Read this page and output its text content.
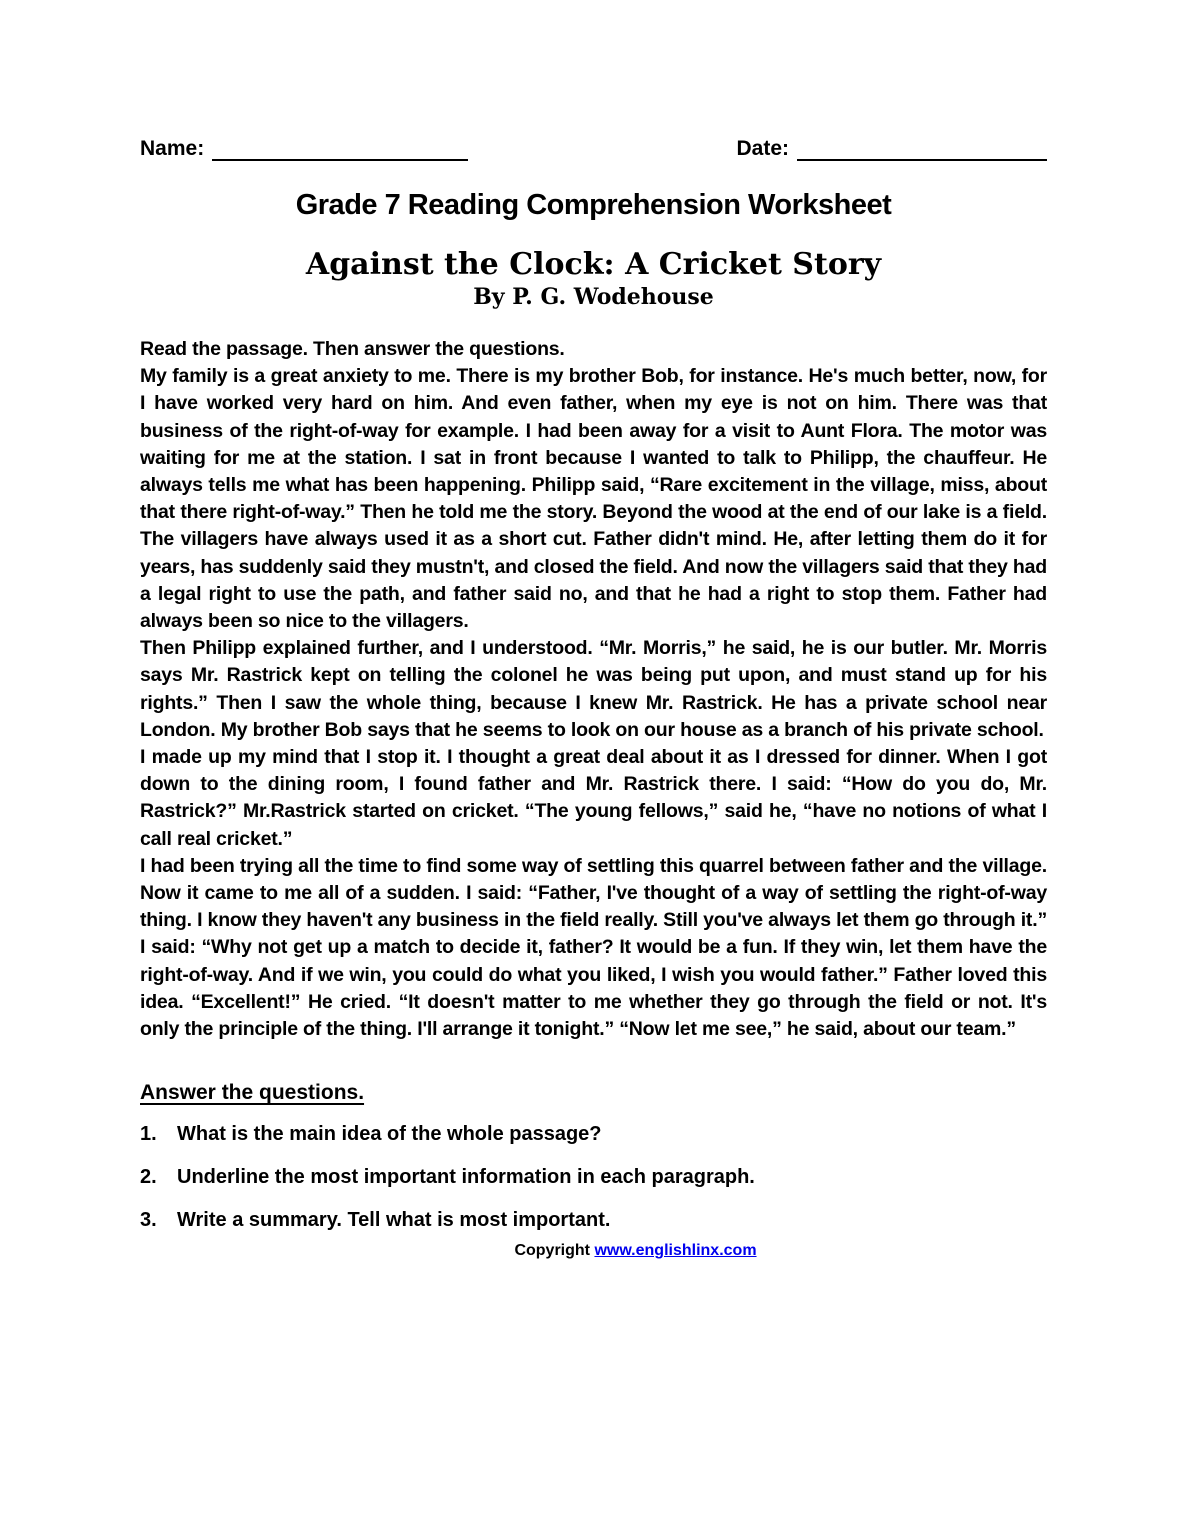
Name:	Date:
Grade 7 Reading Comprehension Worksheet
Against the Clock: A Cricket Story
By P. G. Wodehouse

Read the passage. Then answer the questions.

My family is a great anxiety to me. There is my brother Bob, for instance. He's much better, now, for I have worked very hard on him. And even father, when my eye is not on him. There was that business of the right-of-way for example. I had been away for a visit to Aunt Flora. The motor was waiting for me at the station. I sat in front because I wanted to talk to Philipp, the chauffeur. He always tells me what has been happening. Philipp said, “Rare excitement in the village, miss, about that there right-of-way.” Then he told me the story. Beyond the wood at the end of our lake is a field. The villagers have always used it as a short cut. Father didn't mind. He, after letting them do it for years, has suddenly said they mustn't, and closed the field. And now the villagers said that they had a legal right to use the path, and father said no, and that he had a right to stop them. Father had always been so nice to the villagers.

Then Philipp explained further, and I understood. “Mr. Morris,” he said, he is our butler. Mr. Morris says Mr. Rastrick kept on telling the colonel he was being put upon, and must stand up for his rights.” Then I saw the whole thing, because I knew Mr. Rastrick. He has a private school near London. My brother Bob says that he seems to look on our house as a branch of his private school.

I made up my mind that I stop it. I thought a great deal about it as I dressed for dinner. When I got down to the dining room, I found father and Mr. Rastrick there. I said: “How do you do, Mr. Rastrick?” Mr.Rastrick started on cricket. “The young fellows,” said he, “have no notions of what I call real cricket.”

I had been trying all the time to find some way of settling this quarrel between father and the village. Now it came to me all of a sudden. I said: “Father, I've thought of a way of settling the right-of-way thing. I know they haven't any business in the field really. Still you've always let them go through it.” I said: “Why not get up a match to decide it, father? It would be a fun. If they win, let them have the right-of-way. And if we win, you could do what you liked, I wish you would father.” Father loved this idea. “Excellent!” He cried. “It doesn't matter to me whether they go through the field or not. It's only the principle of the thing. I'll arrange it tonight.” “Now let me see,” he said, about our team.”

Answer the questions.
1.	What is the main idea of the whole passage?
2.	Underline the most important information in each paragraph.
3.	Write a summary. Tell what is most important.
Copyright www.englishlinx.com
